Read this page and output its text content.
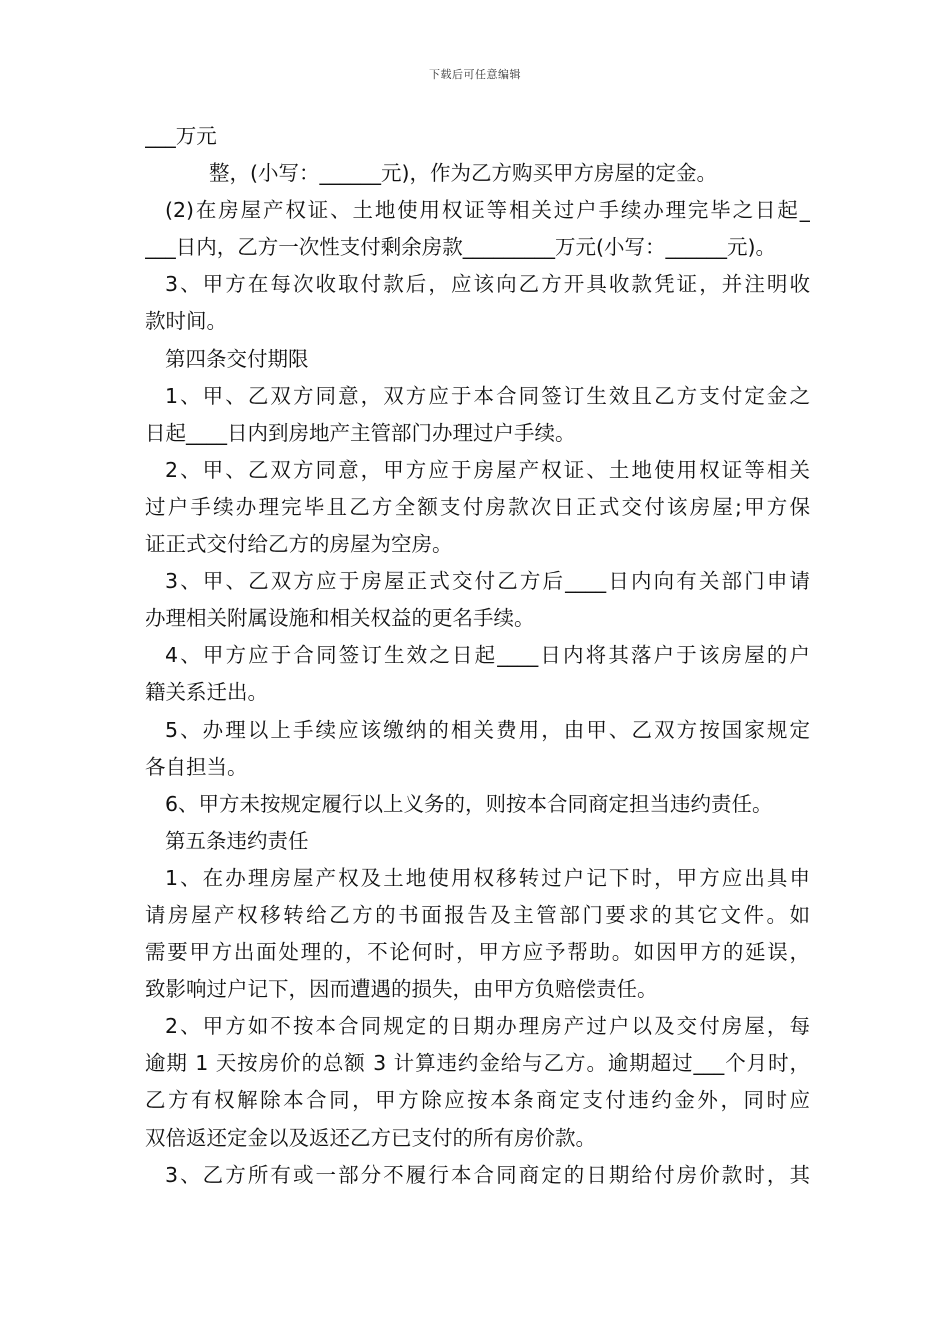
下载后可任意编辑
___万元
整，(小写：______元)，作为乙方购买甲方房屋的定金。
(2)在房屋产权证、土地使用权证等相关过户手续办理完毕之日起_
___日内，乙方一次性支付剩余房款_________万元(小写：______元)。
3、甲方在每次收取付款后，应该向乙方开具收款凭证，并注明收
款时间。
第四条交付期限
1、甲、乙双方同意，双方应于本合同签订生效且乙方支付定金之
日起____日内到房地产主管部门办理过户手续。
2、甲、乙双方同意，甲方应于房屋产权证、土地使用权证等相关
过户手续办理完毕且乙方全额支付房款次日正式交付该房屋;甲方保
证正式交付给乙方的房屋为空房。
3、甲、乙双方应于房屋正式交付乙方后____日内向有关部门申请
办理相关附属设施和相关权益的更名手续。
4、甲方应于合同签订生效之日起____日内将其落户于该房屋的户
籍关系迁出。
5、办理以上手续应该缴纳的相关费用，由甲、乙双方按国家规定
各自担当。
6、甲方未按规定履行以上义务的，则按本合同商定担当违约责任。
第五条违约责任
1、在办理房屋产权及土地使用权移转过户记下时，甲方应出具申
请房屋产权移转给乙方的书面报告及主管部门要求的其它文件。如
需要甲方出面处理的，不论何时，甲方应予帮助。如因甲方的延误，
致影响过户记下，因而遭遇的损失，由甲方负赔偿责任。
2、甲方如不按本合同规定的日期办理房产过户以及交付房屋，每
逾期 1 天按房价的总额 3 计算违约金给与乙方。逾期超过___个月时，
乙方有权解除本合同，甲方除应按本条商定支付违约金外，同时应
双倍返还定金以及返还乙方已支付的所有房价款。
3、乙方所有或一部分不履行本合同商定的日期给付房价款时，其
